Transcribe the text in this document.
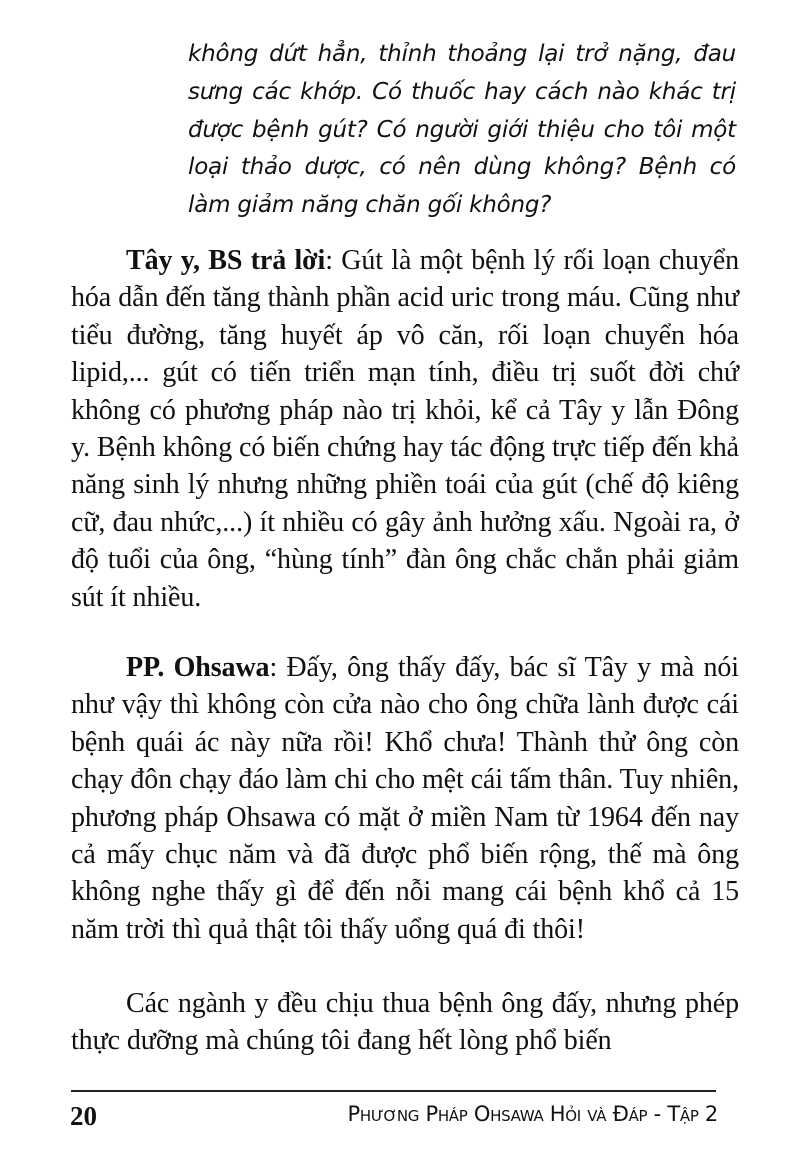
không dứt hẳn, thỉnh thoảng lại trở nặng, đau sưng các khớp. Có thuốc hay cách nào khác trị được bệnh gút? Có người giới thiệu cho tôi một loại thảo dược, có nên dùng không? Bệnh có làm giảm năng chăn gối không?

Tây y, BS trả lời: Gút là một bệnh lý rối loạn chuyển hóa dẫn đến tăng thành phần acid uric trong máu. Cũng như tiểu đường, tăng huyết áp vô căn, rối loạn chuyển hóa lipid,... gút có tiến triển mạn tính, điều trị suốt đời chứ không có phương pháp nào trị khỏi, kể cả Tây y lẫn Đông y. Bệnh không có biến chứng hay tác động trực tiếp đến khả năng sinh lý nhưng những phiền toái của gút (chế độ kiêng cữ, đau nhức,...) ít nhiều có gây ảnh hưởng xấu. Ngoài ra, ở độ tuổi của ông, “hùng tính” đàn ông chắc chắn phải giảm sút ít nhiều.

PP. Ohsawa: Đấy, ông thấy đấy, bác sĩ Tây y mà nói như vậy thì không còn cửa nào cho ông chữa lành được cái bệnh quái ác này nữa rồi! Khổ chưa! Thành thử ông còn chạy đôn chạy đáo làm chi cho mệt cái tấm thân. Tuy nhiên, phương pháp Ohsawa có mặt ở miền Nam từ 1964 đến nay cả mấy chục năm và đã được phổ biến rộng, thế mà ông không nghe thấy gì để đến nỗi mang cái bệnh khổ cả 15 năm trời thì quả thật tôi thấy uổng quá đi thôi!

Các ngành y đều chịu thua bệnh ông đấy, nhưng phép thực dưỡng mà chúng tôi đang hết lòng phổ biến

20	Phương Pháp Ohsawa Hỏi và Đáp - Tập 2
